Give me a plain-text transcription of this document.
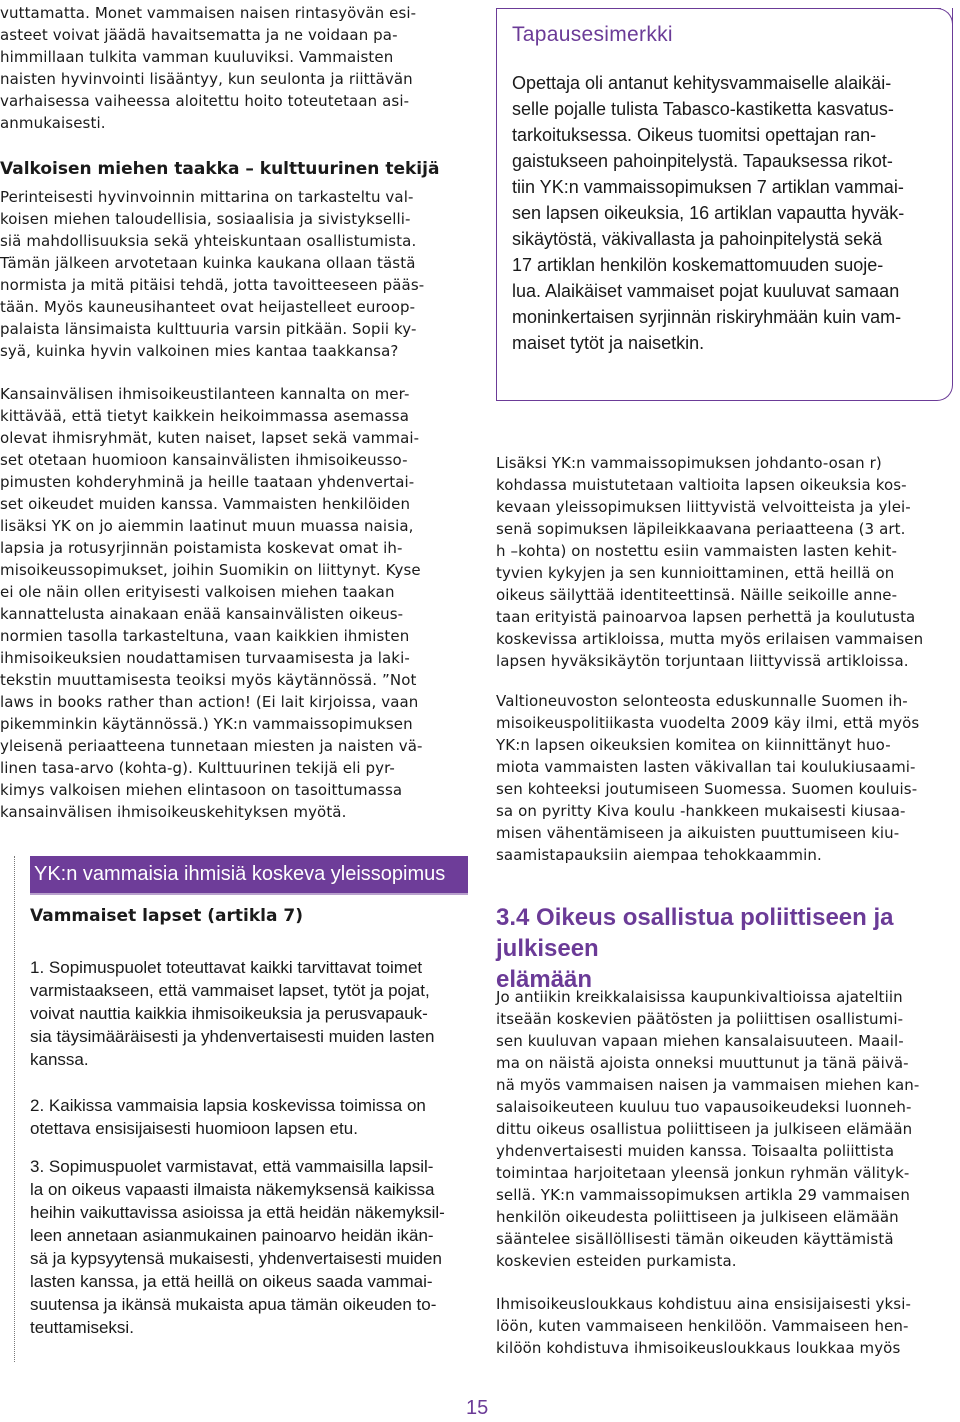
vuttamatta. Monet vammaisen naisen rintasyövän esi-
asteet voivat jäädä havaitsematta ja ne voidaan pa-
himmillaan tulkita vamman kuuluviksi. Vammaisten
naisten hyvinvointi lisääntyy, kun seulonta ja riittävän
varhaisessa vaiheessa aloitettu hoito toteutetaan asi-
anmukaisesti.

Valkoisen miehen taakka – kulttuurinen tekijä

Perinteisesti hyvinvoinnin mittarina on tarkasteltu val-
koisen miehen taloudellisia, sosiaalisia ja sivistyksel​li-
siä mahdollisuuksia sekä yhteiskuntaan osallistumista.
Tämän jälkeen arvotetaan kuinka kaukana ollaan tästä
normista ja mitä pitäisi tehdä, jotta tavoitteeseen pääs-
tään. Myös kauneusihanteet ovat heijastelleet euroop-
palaista länsimaista kulttuuria varsin pitkään. Sopii ky-
syä, kuinka hyvin valkoinen mies kantaa taakkansa?

Kansainvälisen ihmisoikeustilanteen kannalta on mer-
kittävää, että tietyt kaikkein heikoimmassa asemassa
olevat ihmisryhmät, kuten naiset, lapset sekä vammai-
set otetaan huomioon kansainvälisten ihmisoikeusso-
pimusten kohderyhminä ja heille taataan yhdenvertai-
set oikeudet muiden kanssa. Vammaisten henkilöiden
lisäksi YK on jo aiemmin laatinut muun muassa naisia,
lapsia ja rotusyrjinnän poistamista koskevat omat ih-
misoikeussopimukset, joihin Suomikin on liittynyt. Kyse
ei ole näin ollen erityisesti valkoisen miehen taakan
kannattelusta ainakaan enää kansainvälisten oikeus-
normien tasolla tarkasteltuna, vaan kaikkien ihmisten
ihmisoikeuksien noudattamisen turvaamisesta ja laki-
tekstin muuttamisesta teoiksi myös käytännössä. ”Not
laws in books rather than action! (Ei lait kirjoissa, vaan
pikemminkin käytännössä.) YK:n vammaissopimuksen
yleisenä periaatteena tunnetaan miesten ja naisten vä-
linen tasa-arvo (kohta-g). Kulttuurinen tekijä eli pyr-
kimys valkoisen miehen elintasoon on tasoittumassa
kansainvälisen ihmisoikeuskehityksen myötä.

YK:n vammaisia ihmisiä koskeva yleissopimus

Vammaiset lapset (artikla 7)

1. Sopimuspuolet toteuttavat kaikki tarvittavat toimet
varmistaakseen, että vammaiset lapset, tytöt ja pojat,
voivat nauttia kaikkia ihmisoikeuksia ja perusvapauk-
sia täysimääräisesti ja yhdenvertaisesti muiden lasten
kanssa.

2. Kaikissa vammaisia lapsia koskevissa toimissa on
otettava ensisijaisesti huomioon lapsen etu.

3. Sopimuspuolet varmistavat, että vammaisilla lapsil-
la on oikeus vapaasti ilmaista näkemyksensä kaikissa
heihin vaikuttavissa asioissa ja että heidän näkemyksil-
leen annetaan asianmukainen painoarvo heidän ikän-
sä ja kypsyytensä mukaisesti, yhdenvertaisesti muiden
lasten kanssa, ja että heillä on oikeus saada vammai-
suutensa ja ikänsä mukaista apua tämän oikeuden to-
teuttamiseksi.

Tapausesimerkki

Opettaja oli antanut kehitysvammaiselle alaikäi-
selle pojalle tulista Tabasco-kastiketta kasvatus-
tarkoituksessa. Oikeus tuomitsi opettajan ran-
gaistukseen pahoinpitelystä. Tapauksessa rikot-
tiin YK:n vammaissopimuksen 7 artiklan vammai-
sen lapsen oikeuksia, 16 artiklan vapautta hyväk-
sikäytöstä, väkivallasta ja pahoinpitelystä sekä
17 artiklan henkilön koskemattomuuden suoje-
lua. Alaikäiset vammaiset pojat kuuluvat samaan
moninkertaisen syrjinnän riskiryhmään kuin vam-
maiset tytöt ja naisetkin.

Lisäksi YK:n vammaissopimuksen johdanto-osan r)
kohdassa muistutetaan valtioita lapsen oikeuksia kos-
kevaan yleissopimuksen liittyvistä velvoitteista ja ylei-
senä sopimuksen läpileikkaavana periaatteena (3 art.
h –kohta) on nostettu esiin vammaisten lasten kehit-
tyvien kykyjen ja sen kunnioittaminen, että heillä on
oikeus säilyttää identiteettinsä. Näille seikoille anne-
taan erityistä painoarvoa lapsen perhettä ja koulutusta
koskevissa artikloissa, mutta myös erilaisen vammaisen
lapsen hyväksikäytön torjuntaan liittyvissä artikloissa.

Valtioneuvoston selonteosta eduskunnalle Suomen ih-
misoikeuspolitiikasta vuodelta 2009 käy ilmi, että myös
YK:n lapsen oikeuksien komitea on kiinnittänyt huo-
miota vammaisten lasten väkivallan tai koulukiusaami-
sen kohteeksi joutumiseen Suomessa. Suomen kouluis-
sa on pyritty Kiva koulu -hankkeen mukaisesti kiusaa-
misen vähentämiseen ja aikuisten puuttumiseen kiu-
saamistapauksiin aiempaa tehokkaammin.

3.4 Oikeus osallistua poliittiseen ja julkiseen
elämään

Jo antiikin kreikkalaisissa kaupunkivaltioissa ajateltiin
itseään koskevien päätösten ja poliittisen osallistumi-
sen kuuluvan vapaan miehen kansalaisuuteen. Maail-
ma on näistä ajoista onneksi muuttunut ja tänä päivä-
nä myös vammaisen naisen ja vammaisen miehen kan-
salaisoikeuteen kuuluu tuo vapausoikeudeksi luonneh-
dittu oikeus osallistua poliittiseen ja julkiseen elämään
yhdenvertaisesti muiden kanssa. Toisaalta poliittista
toimintaa harjoitetaan yleensä jonkun ryhmän välityk-
sellä. YK:n vammaissopimuksen artikla 29 vammaisen
henkilön oikeudesta poliittiseen ja julkiseen elämään
sääntelee sisällöllisesti tämän oikeuden käyttämistä
koskevien esteiden purkamista.

Ihmisoikeusloukkaus kohdistuu aina ensisijaisesti yksi-
löön, kuten vammaiseen henkilöön. Vammaiseen hen-
kilöön kohdistuva ihmisoikeusloukkaus loukkaa myös

15
